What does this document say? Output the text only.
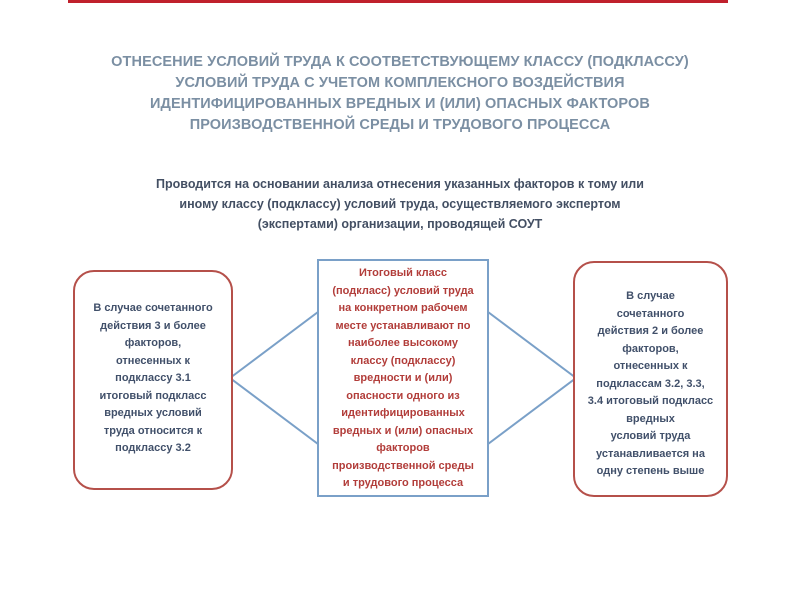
ОТНЕСЕНИЕ УСЛОВИЙ ТРУДА К СООТВЕТСТВУЮЩЕМУ КЛАССУ (ПОДКЛАССУ)
УСЛОВИЙ ТРУДА С УЧЕТОМ КОМПЛЕКСНОГО ВОЗДЕЙСТВИЯ
ИДЕНТИФИЦИРОВАННЫХ ВРЕДНЫХ И (ИЛИ) ОПАСНЫХ ФАКТОРОВ
ПРОИЗВОДСТВЕННОЙ СРЕДЫ И ТРУДОВОГО ПРОЦЕССА
Проводится на основании анализа отнесения указанных факторов к тому или
иному классу (подклассу) условий труда, осуществляемого экспертом
(экспертами) организации, проводящей СОУТ
В случае сочетанного
действия 3 и более
факторов,
отнесенных к
подклассу 3.1
итоговый подкласс
вредных условий
труда относится к
подклассу 3.2
Итоговый класс
(подкласс) условий труда
на конкретном рабочем
месте устанавливают по
наиболее высокому
классу (подклассу)
вредности и (или)
опасности одного из
идентифицированных
вредных и (или) опасных
факторов
производственной среды
и трудового процесса
В случае
сочетанного
действия 2 и более
факторов,
отнесенных к
подклассам 3.2, 3.3,
3.4 итоговый подкласс вредных
условий труда
устанавливается на
одну степень выше
